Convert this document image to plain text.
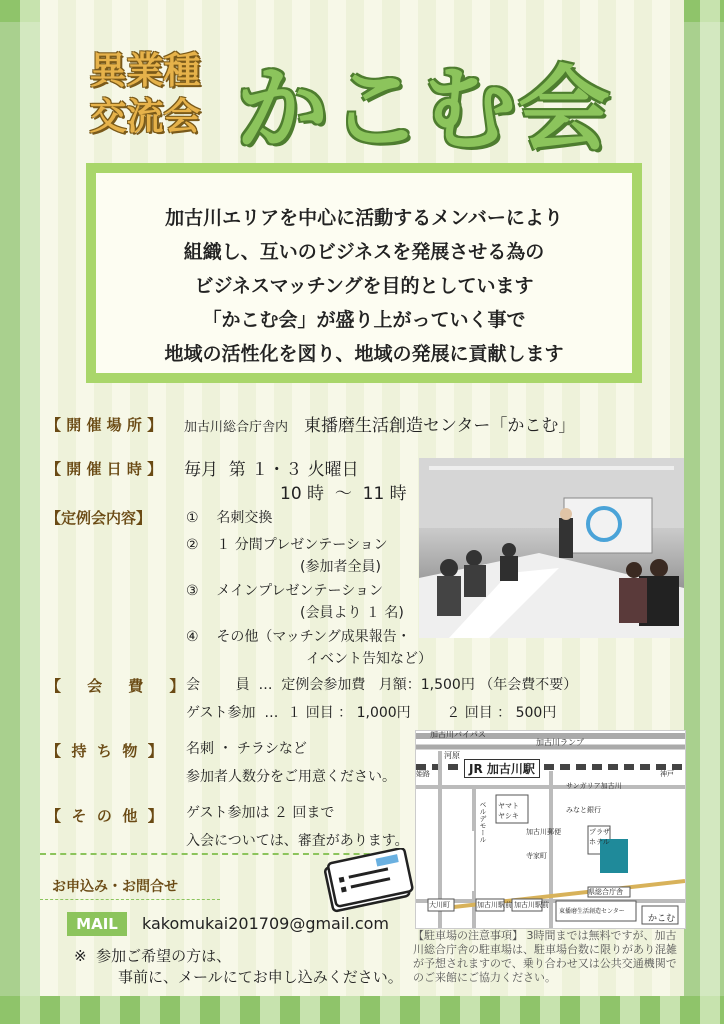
異業種
交流会 かこむ会
加古川エリアを中心に活動するメンバーにより
組織し、互いのビジネスを発展させる為の
ビジネスマッチングを目的としています
「かこむ会」が盛り上がっていく事で
地域の活性化を図り、地域の発展に貢献します
【 開 催 場 所 】 加古川総合庁舎内 東播磨生活創造センター「かこむ」
【 開 催 日 時 】 毎月  第 １・３ 火曜日
10 時  ～  11 時
【定例会内容】 ①    名刺交換
②    １ 分間プレゼンテーション
(参加者全員)
③    メインプレゼンテーション
(会員より １ 名)
④    その他（マッチング成果報告・
イベント告知など）
【     会     費     】 会        員  …  定例会参加費   月額：1,500円 （年会費不要）
ゲスト参加  …  １ 回目 ： 1,000円        ２ 回目 ： 500円
【  持  ち  物  】 名刺 ・ チラシなど
参加者人数分をご用意ください。
【  そ  の  他  】 ゲスト参加は ２ 回まで
入会については、審査があります。
お申込み・お問合せ
MAIL	kakomukai201709@gmail.com
※  参加ご希望の方は、
事前に、メールにてお申し込みください。
加古川バイパス
加古川ランプ
河原
JR 加古川駅
姫路	神戸
サンガリア加古川
ヤマト ヤシキ
みなと銀行
加古川郵便
ベルデモール	プラザ ホテル
寺家町
県総合庁舎
東播磨生活創造センター
かこむ
大川町	加古川駅前 加古川駅前
【駐車場の注意事項】 3時間までは無料ですが、加古川総合庁舎の駐車場は、駐車場台数に限りがあり混雑が予想されますので、乗り合わせ又は公共交通機関でのご来館にご協力ください。
